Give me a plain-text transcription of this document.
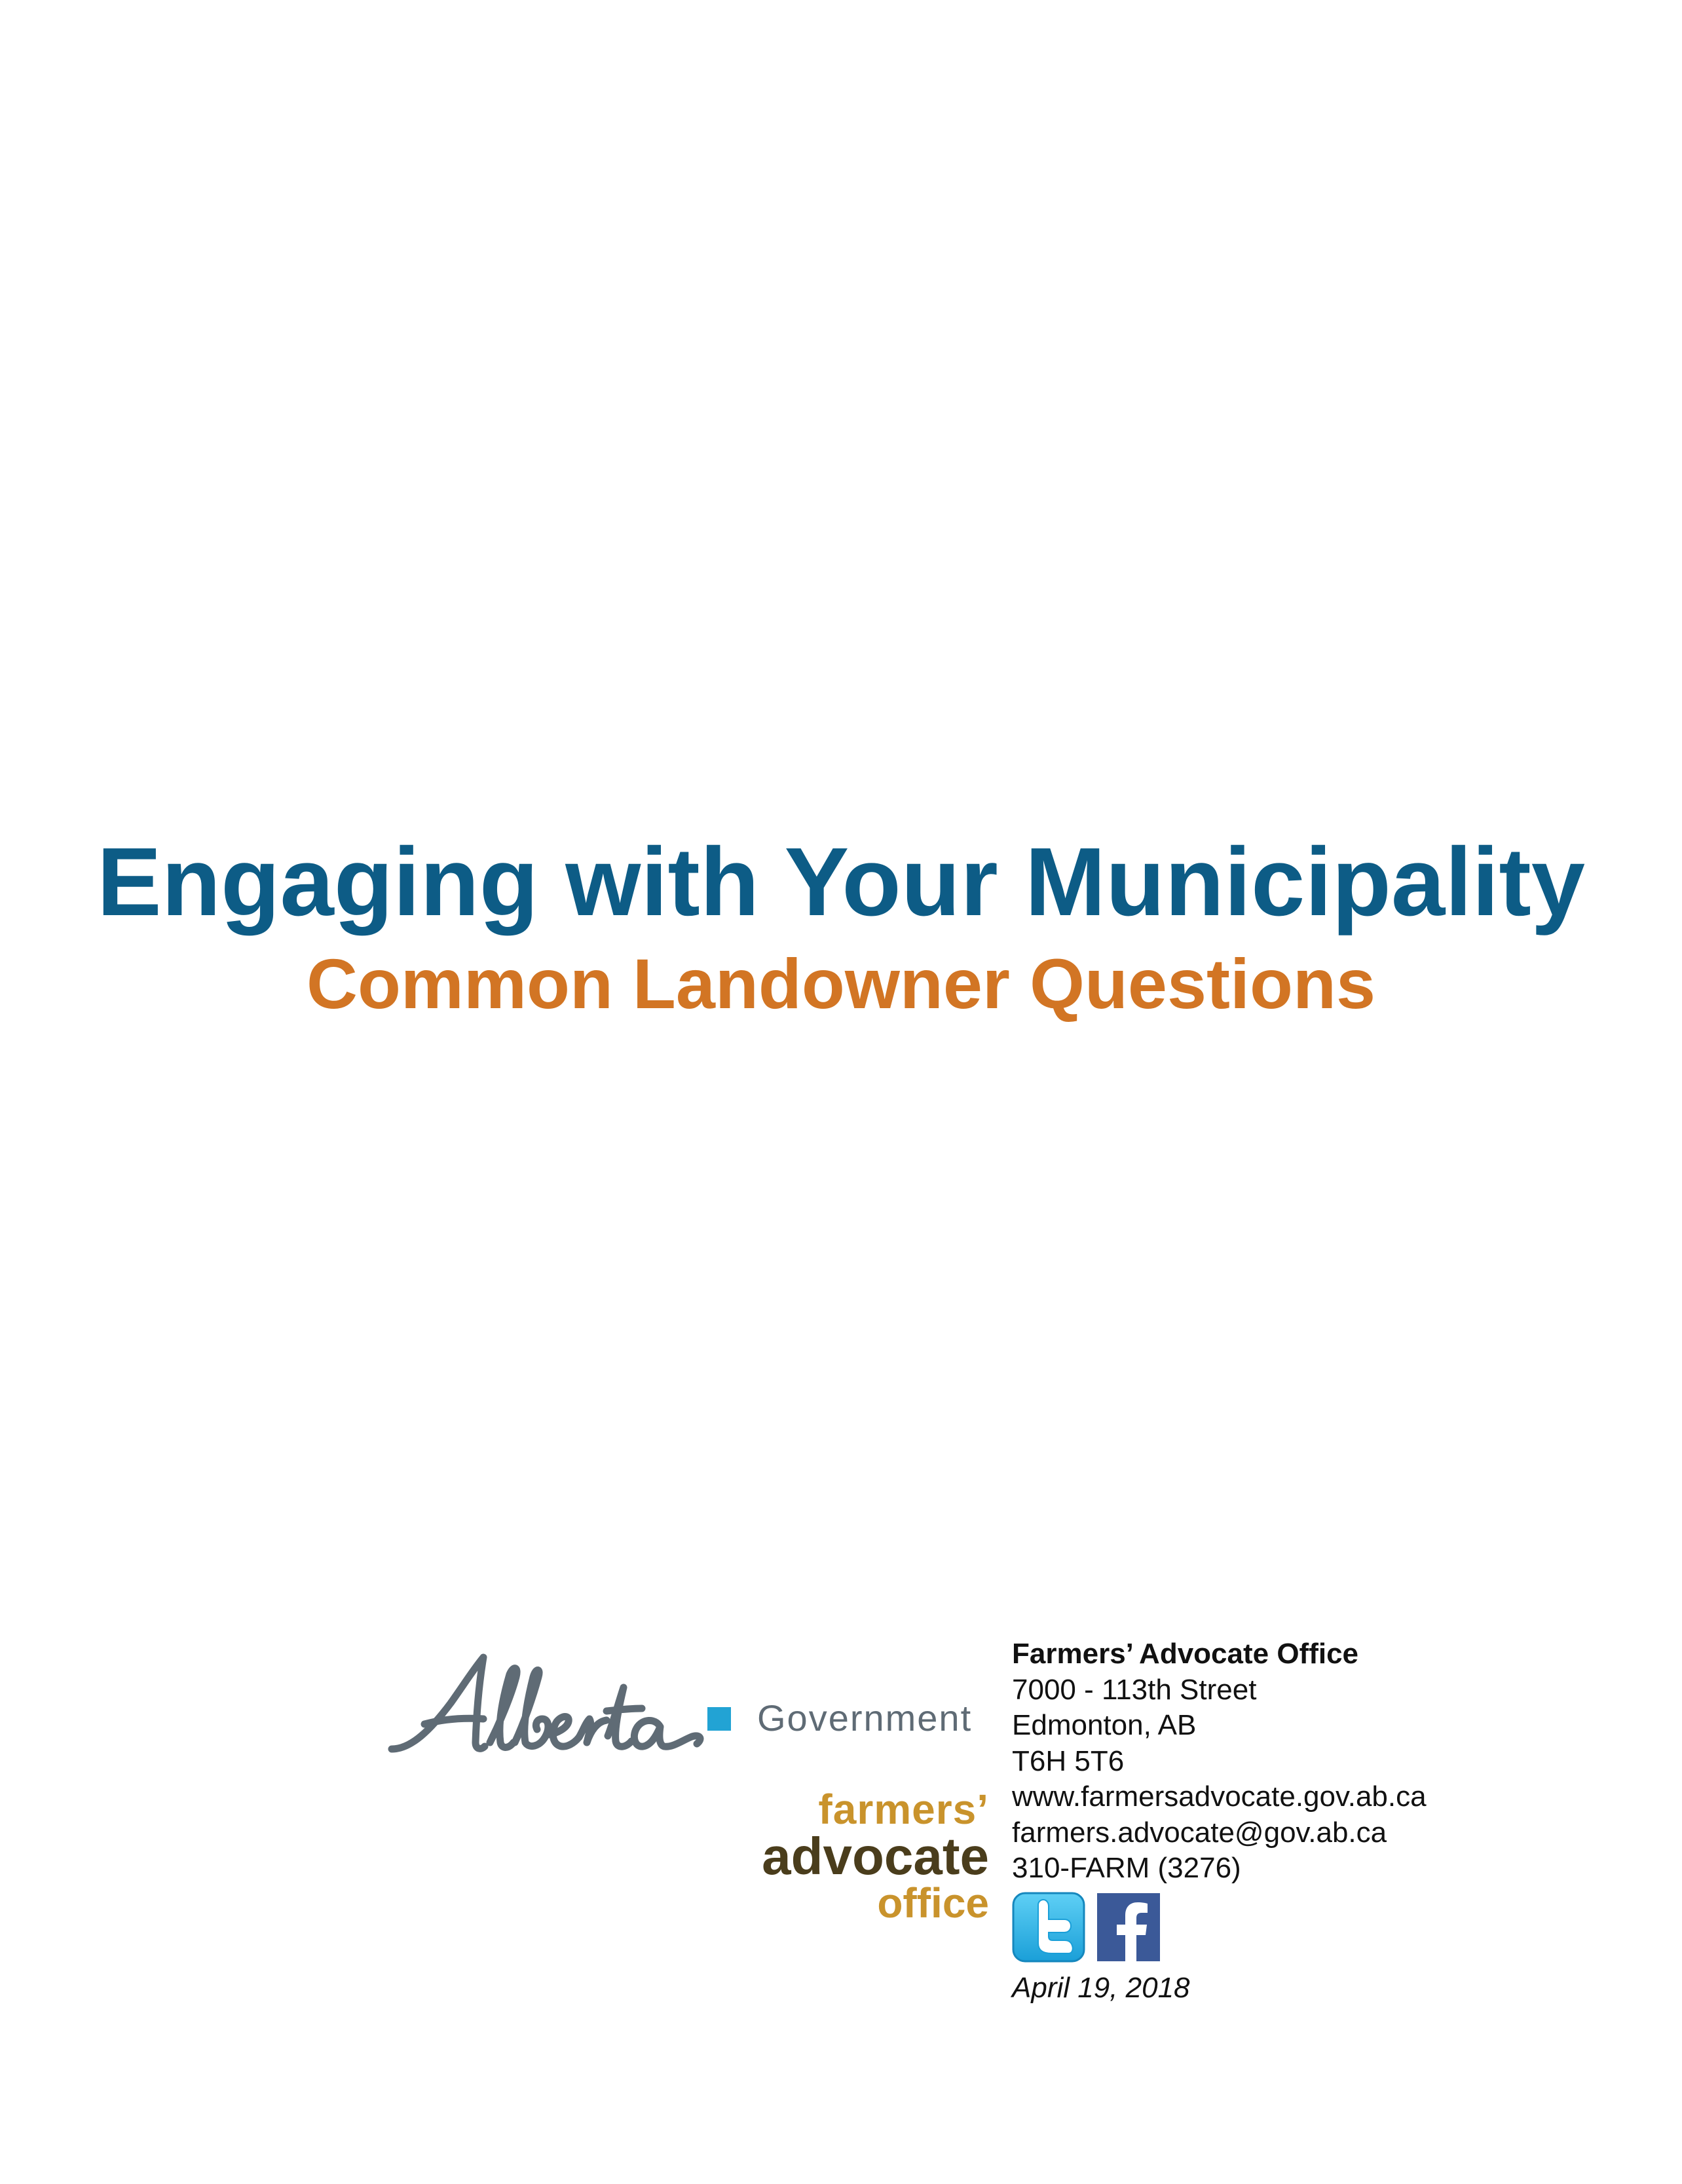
Engaging with Your Municipality
Common Landowner Questions
Government
farmers’
advocate
office
Farmers’ Advocate Office
7000 - 113th Street
Edmonton, AB
T6H 5T6
www.farmersadvocate.gov.ab.ca
farmers.advocate@gov.ab.ca
310-FARM (3276)
April 19, 2018
